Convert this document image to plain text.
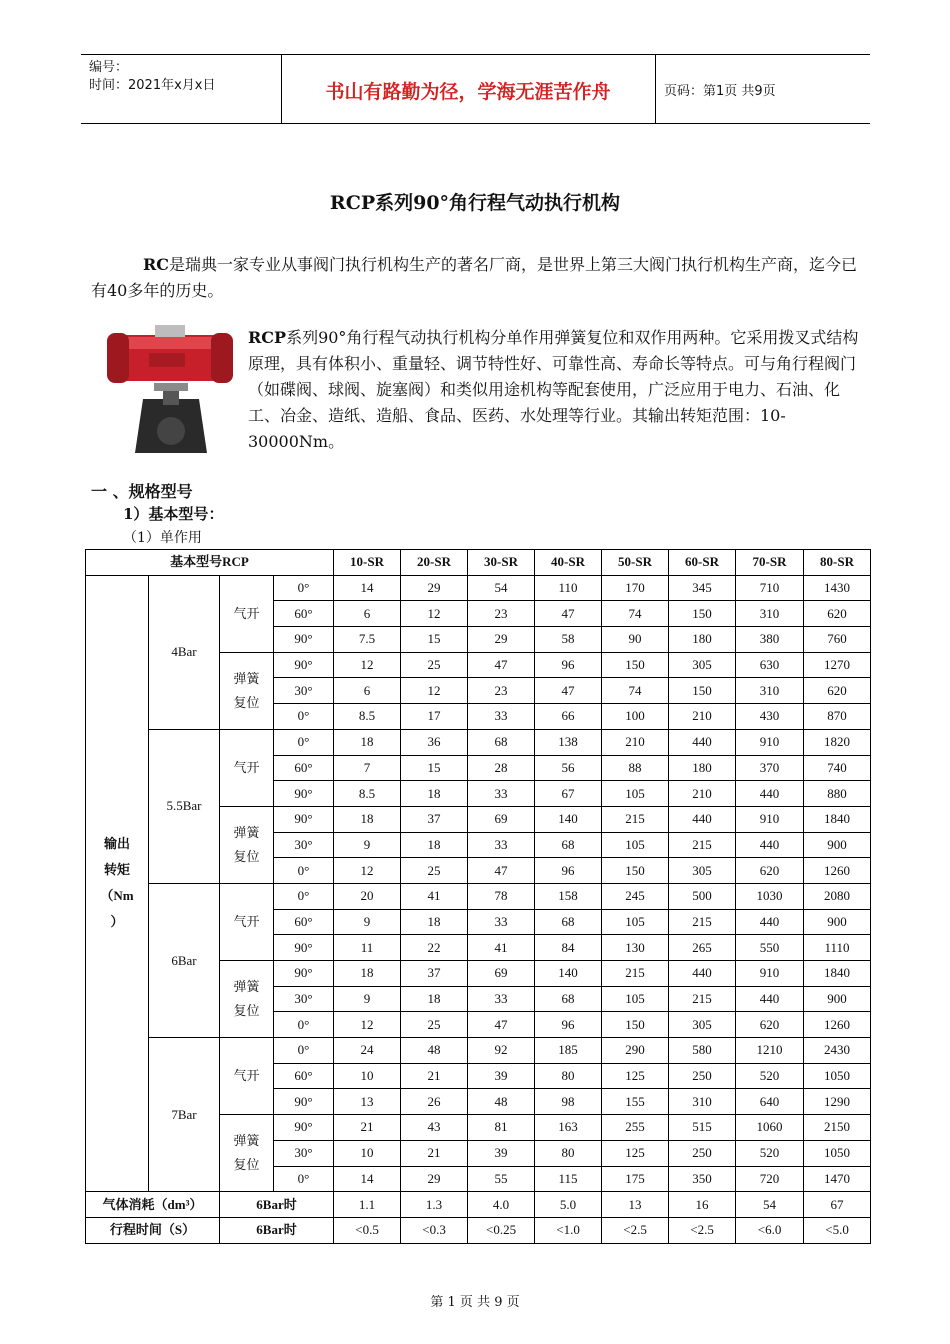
编号：
时间：2021年x月x日	书山有路勤为径，学海无涯苦作舟	页码：第1页 共9页
RCP系列90°角行程气动执行机构
RC是瑞典一家专业从事阀门执行机构生产的著名厂商，是世界上第三大阀门执行机构生产商，迄今已有40多年的历史。
RCP系列90°角行程气动执行机构分单作用弹簧复位和双作用两种。它采用拨叉式结构原理，具有体积小、重量轻、调节特性好、可靠性高、寿命长等特点。可与角行程阀门（如碟阀、球阀、旋塞阀）和类似用途机构等配套使用，广泛应用于电力、石油、化工、冶金、造纸、造船、食品、医药、水处理等行业。其输出转矩范围：10-30000Nm。
一 、规格型号
1）基本型号：
（1）单作用
基本型号RCP				10-SR	20-SR	30-SR	40-SR	50-SR	60-SR	70-SR	80-SR

输出
转矩
（Nm
）	4Bar	气开	0°	14	29	54	110	170	345	710	1430
			60°	6	12	23	47	74	150	310	620
			90°	7.5	15	29	58	90	180	380	760

		弹簧
复位	90°	12	25	47	96	150	305	630	1270
			30°	6	12	23	47	74	150	310	620
			0°	8.5	17	33	66	100	210	430	870
	5.5Bar	气开	0°	18	36	68	138	210	440	910	1820
			60°	7	15	28	56	88	180	370	740
			90°	8.5	18	33	67	105	210	440	880

		弹簧
复位	90°	18	37	69	140	215	440	910	1840
			30°	9	18	33	68	105	215	440	900
			0°	12	25	47	96	150	305	620	1260
	6Bar	气开	0°	20	41	78	158	245	500	1030	2080
			60°	9	18	33	68	105	215	440	900
			90°	11	22	41	84	130	265	550	1110

		弹簧
复位	90°	18	37	69	140	215	440	910	1840
			30°	9	18	33	68	105	215	440	900
			0°	12	25	47	96	150	305	620	1260
	7Bar	气开	0°	24	48	92	185	290	580	1210	2430
			60°	10	21	39	80	125	250	520	1050
			90°	13	26	48	98	155	310	640	1290

		弹簧
复位	90°	21	43	81	163	255	515	1060	2150
			30°	10	21	39	80	125	250	520	1050
			0°	14	29	55	115	175	350	720	1470
气体消耗（dm³）		6Bar时		1.1	1.3	4.0	5.0	13	16	54	67
行程时间（S）		6Bar时		<0.5	<0.3	<0.25	<1.0	<2.5	<2.5	<6.0	<5.0
第 1 页 共 9 页
